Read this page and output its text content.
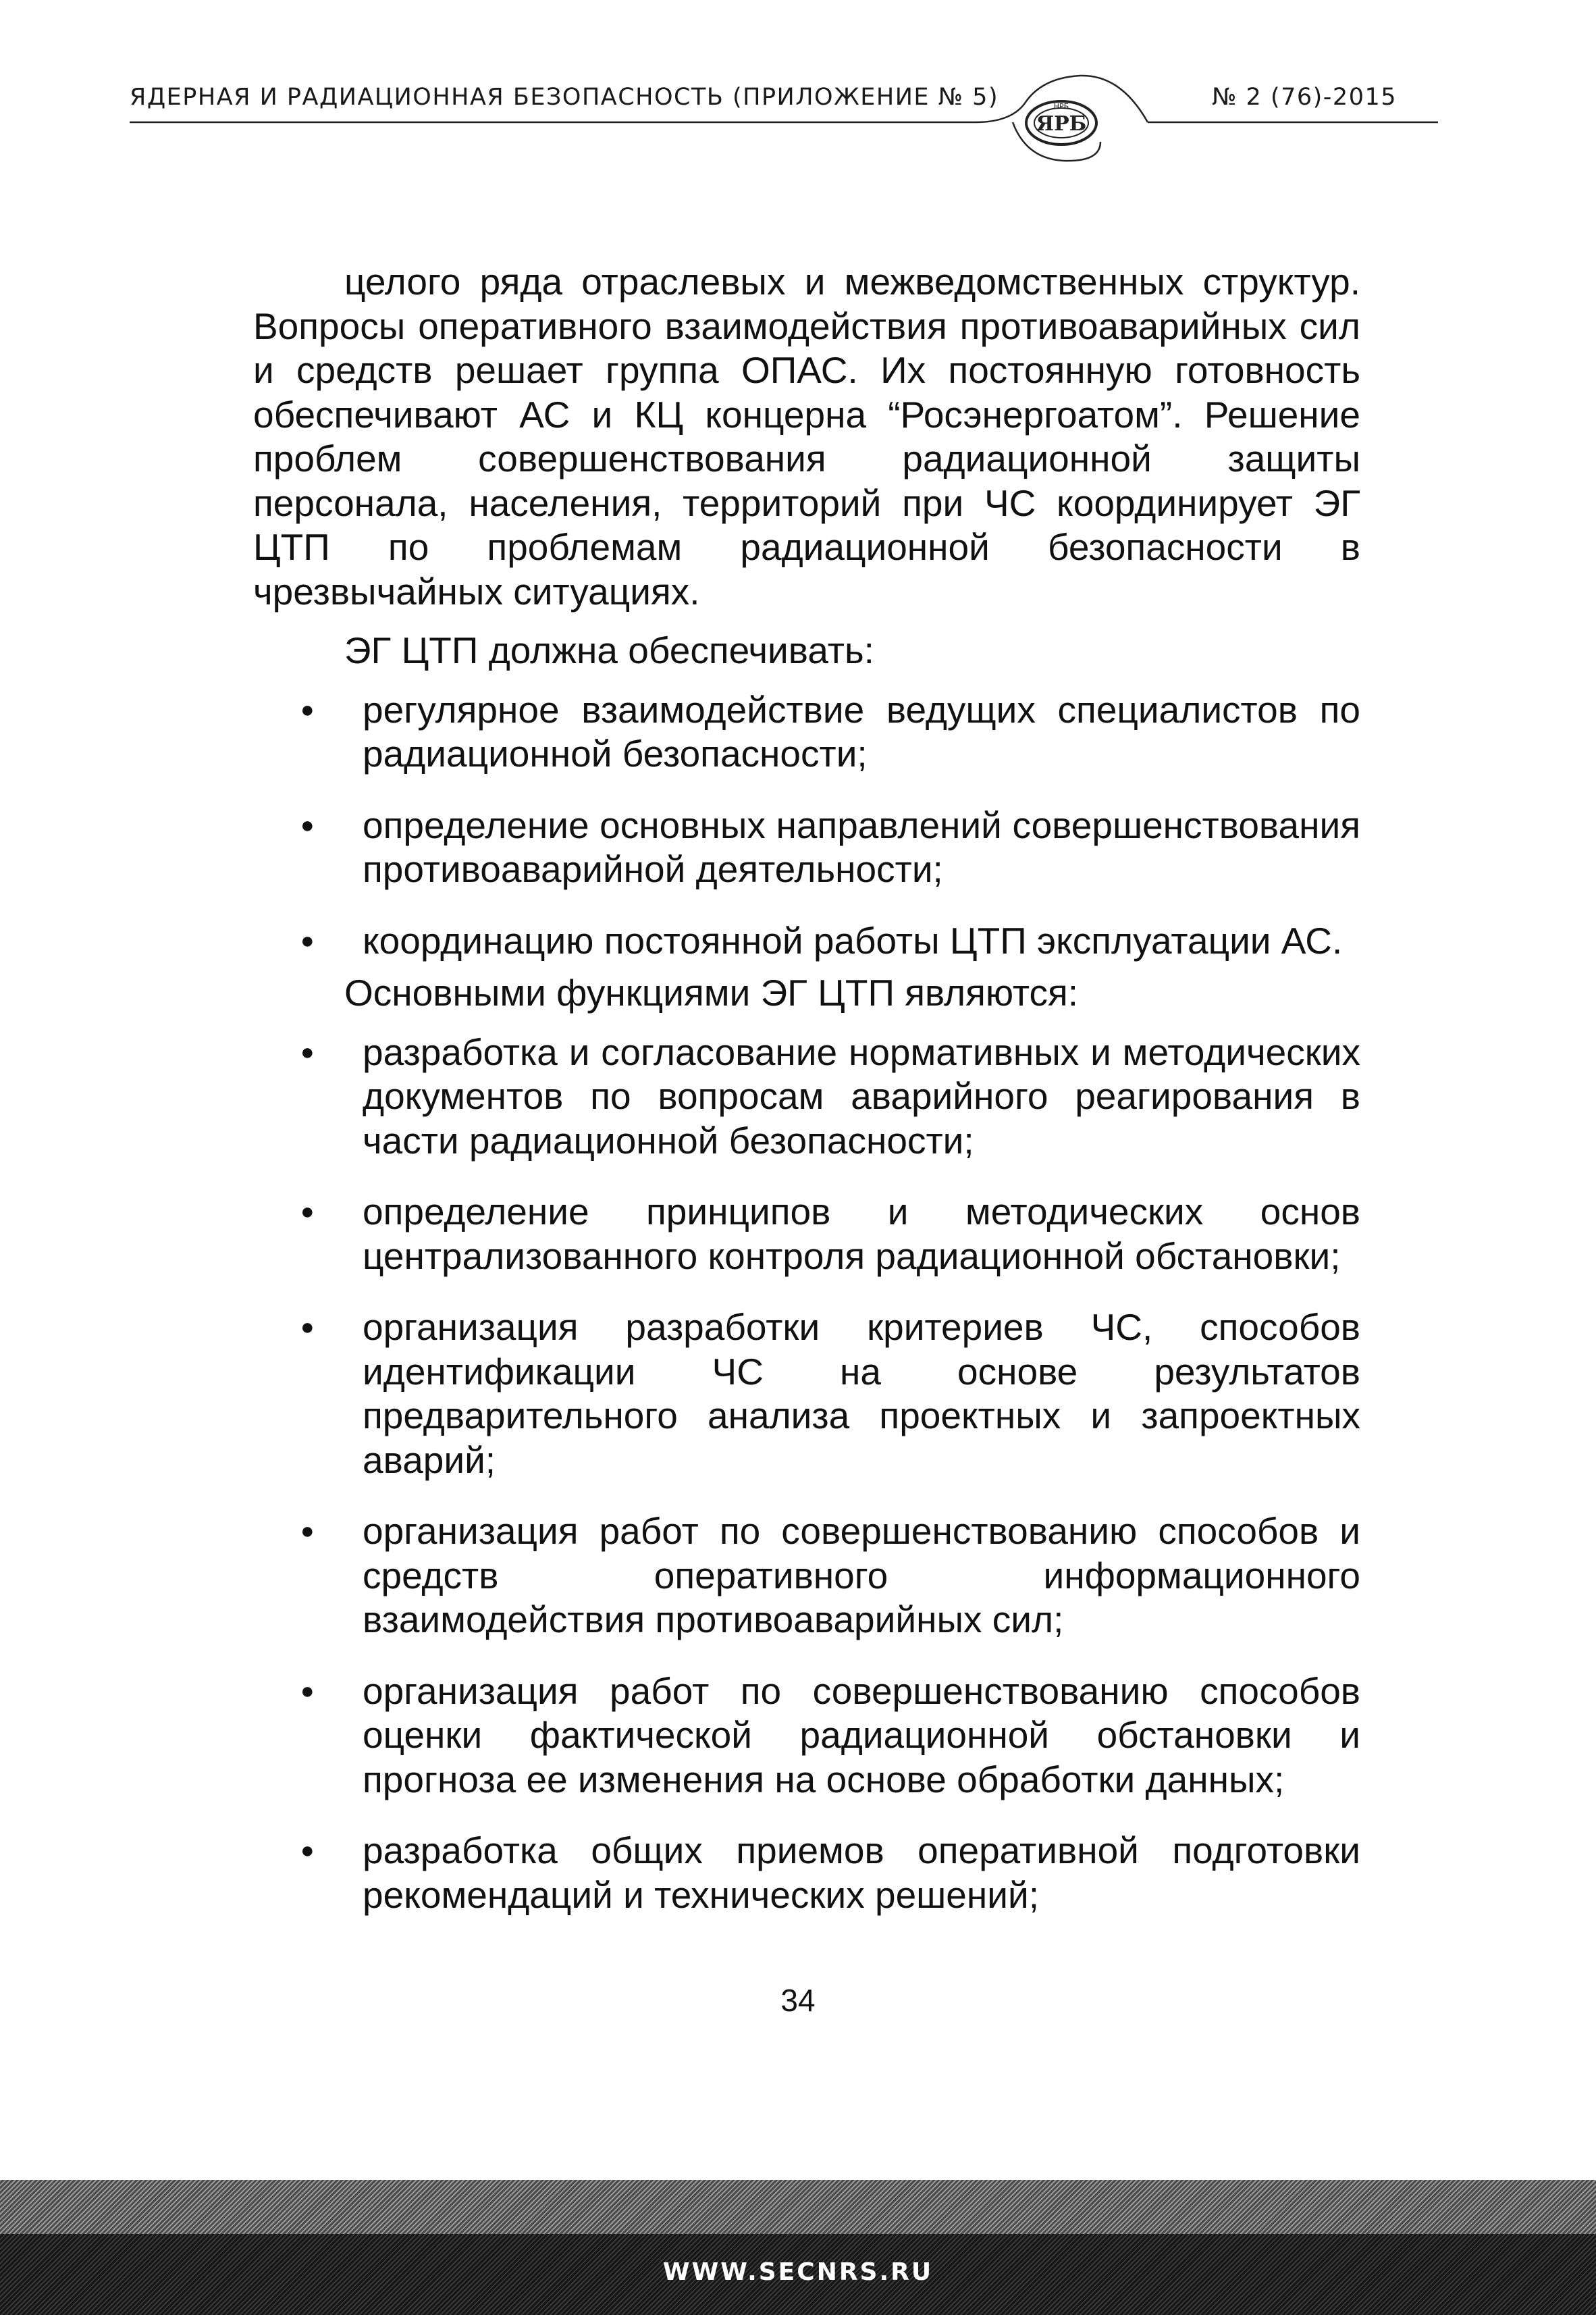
ЯДЕРНАЯ И РАДИАЦИОННАЯ БЕЗОПАСНОСТЬ (ПРИЛОЖЕНИЕ № 5)
ЯРБ
НРБ	№ 2 (76)-2015

целого ряда отраслевых и межведомственных структур. Вопросы оперативного взаимодействия противоаварийных сил и средств решает группа ОПАС. Их постоянную готовность обеспечивают АС и КЦ концерна “Росэнергоатом”. Решение проблем совершенствования радиационной защиты персонала, населения, территорий при ЧС координирует ЭГ ЦТП по проблемам радиационной безопасности в чрезвычайных ситуациях.

ЭГ ЦТП должна обеспечивать:

● регулярное взаимодействие ведущих специалистов по радиационной безопасности;
● определение основных направлений совершенствования противоаварийной деятельности;
● координацию постоянной работы ЦТП эксплуатации АС.

Основными функциями ЭГ ЦТП являются:

● разработка и согласование нормативных и методических документов по вопросам аварийного реагирования в части радиационной безопасности;
● определение принципов и методических основ централизованного контроля радиационной обстановки;
● организация разработки критериев ЧС, способов идентификации ЧС на основе результатов предварительного анализа проектных и запроектных аварий;
● организация работ по совершенствованию способов и средств оперативного информационного взаимодействия противоаварийных сил;
● организация работ по совершенствованию способов оценки фактической радиационной обстановки и прогноза ее изменения на основе обработки данных;
● разработка общих приемов оперативной подготовки рекомендаций и технических решений;
34
WWW.SECNRS.RU
